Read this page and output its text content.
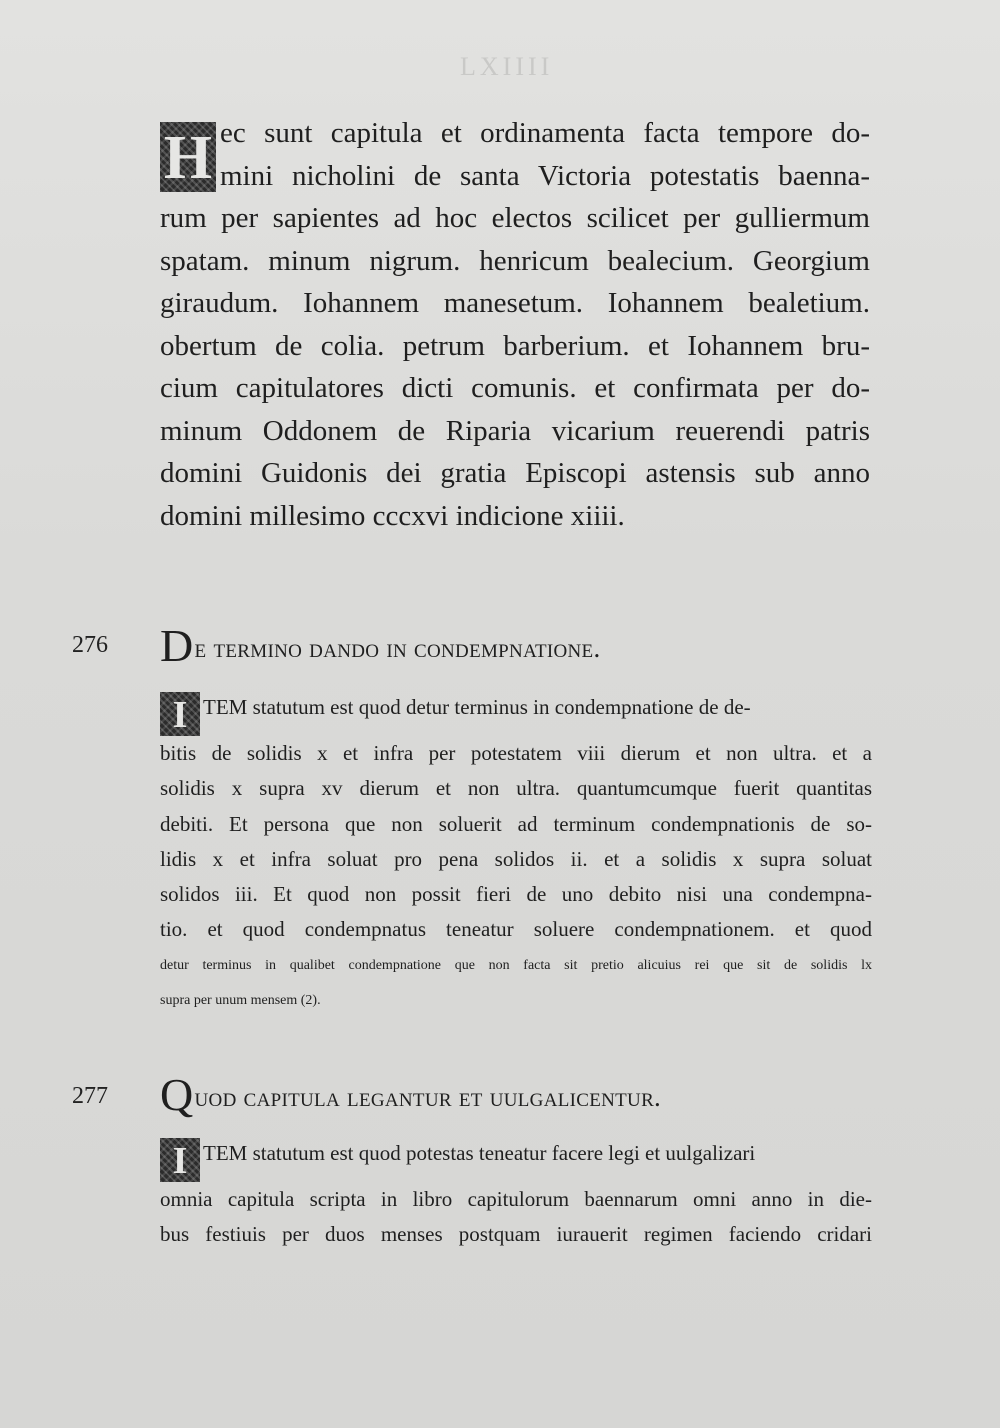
LXIIII
H ec sunt capitula et ordinamenta facta tempore do-
mini nicholini de santa Victoria potestatis baenna-
rum per sapientes ad hoc electos scilicet per gulliermum
spatam. minum nigrum. henricum bealecium. Georgium
giraudum. Iohannem manesetum. Iohannem bealetium.
obertum de colia. petrum barberium. et Iohannem bru-
cium capitulatores dicti comunis. et confirmata per do-
minum Oddonem de Riparia vicarium reuerendi patris
domini Guidonis dei gratia Episcopi astensis sub anno
domini millesimo cccxvi indicione xiiii.
276 De termino dando in condempnatione.
I TEM statutum est quod detur terminus in condempnatione de de-
bitis de solidis x et infra per potestatem viii dierum et non ultra. et a
solidis x supra xv dierum et non ultra. quantumcumque fuerit quantitas
debiti. Et persona que non soluerit ad terminum condempnationis de so-
lidis x et infra soluat pro pena solidos ii. et a solidis x supra soluat
solidos iii. Et quod non possit fieri de uno debito nisi una condempna-
tio. et quod condempnatus teneatur soluere condempnationem. et quod
detur terminus in qualibet condempnatione que non facta sit pretio alicuius rei que sit de solidis lx
supra per unum mensem (2).
277 Quod capitula legantur et uulgalicentur.
I TEM statutum est quod potestas teneatur facere legi et uulgalizari
omnia capitula scripta in libro capitulorum baennarum omni anno in die-
bus festiuis per duos menses postquam iurauerit regimen faciendo cridari
